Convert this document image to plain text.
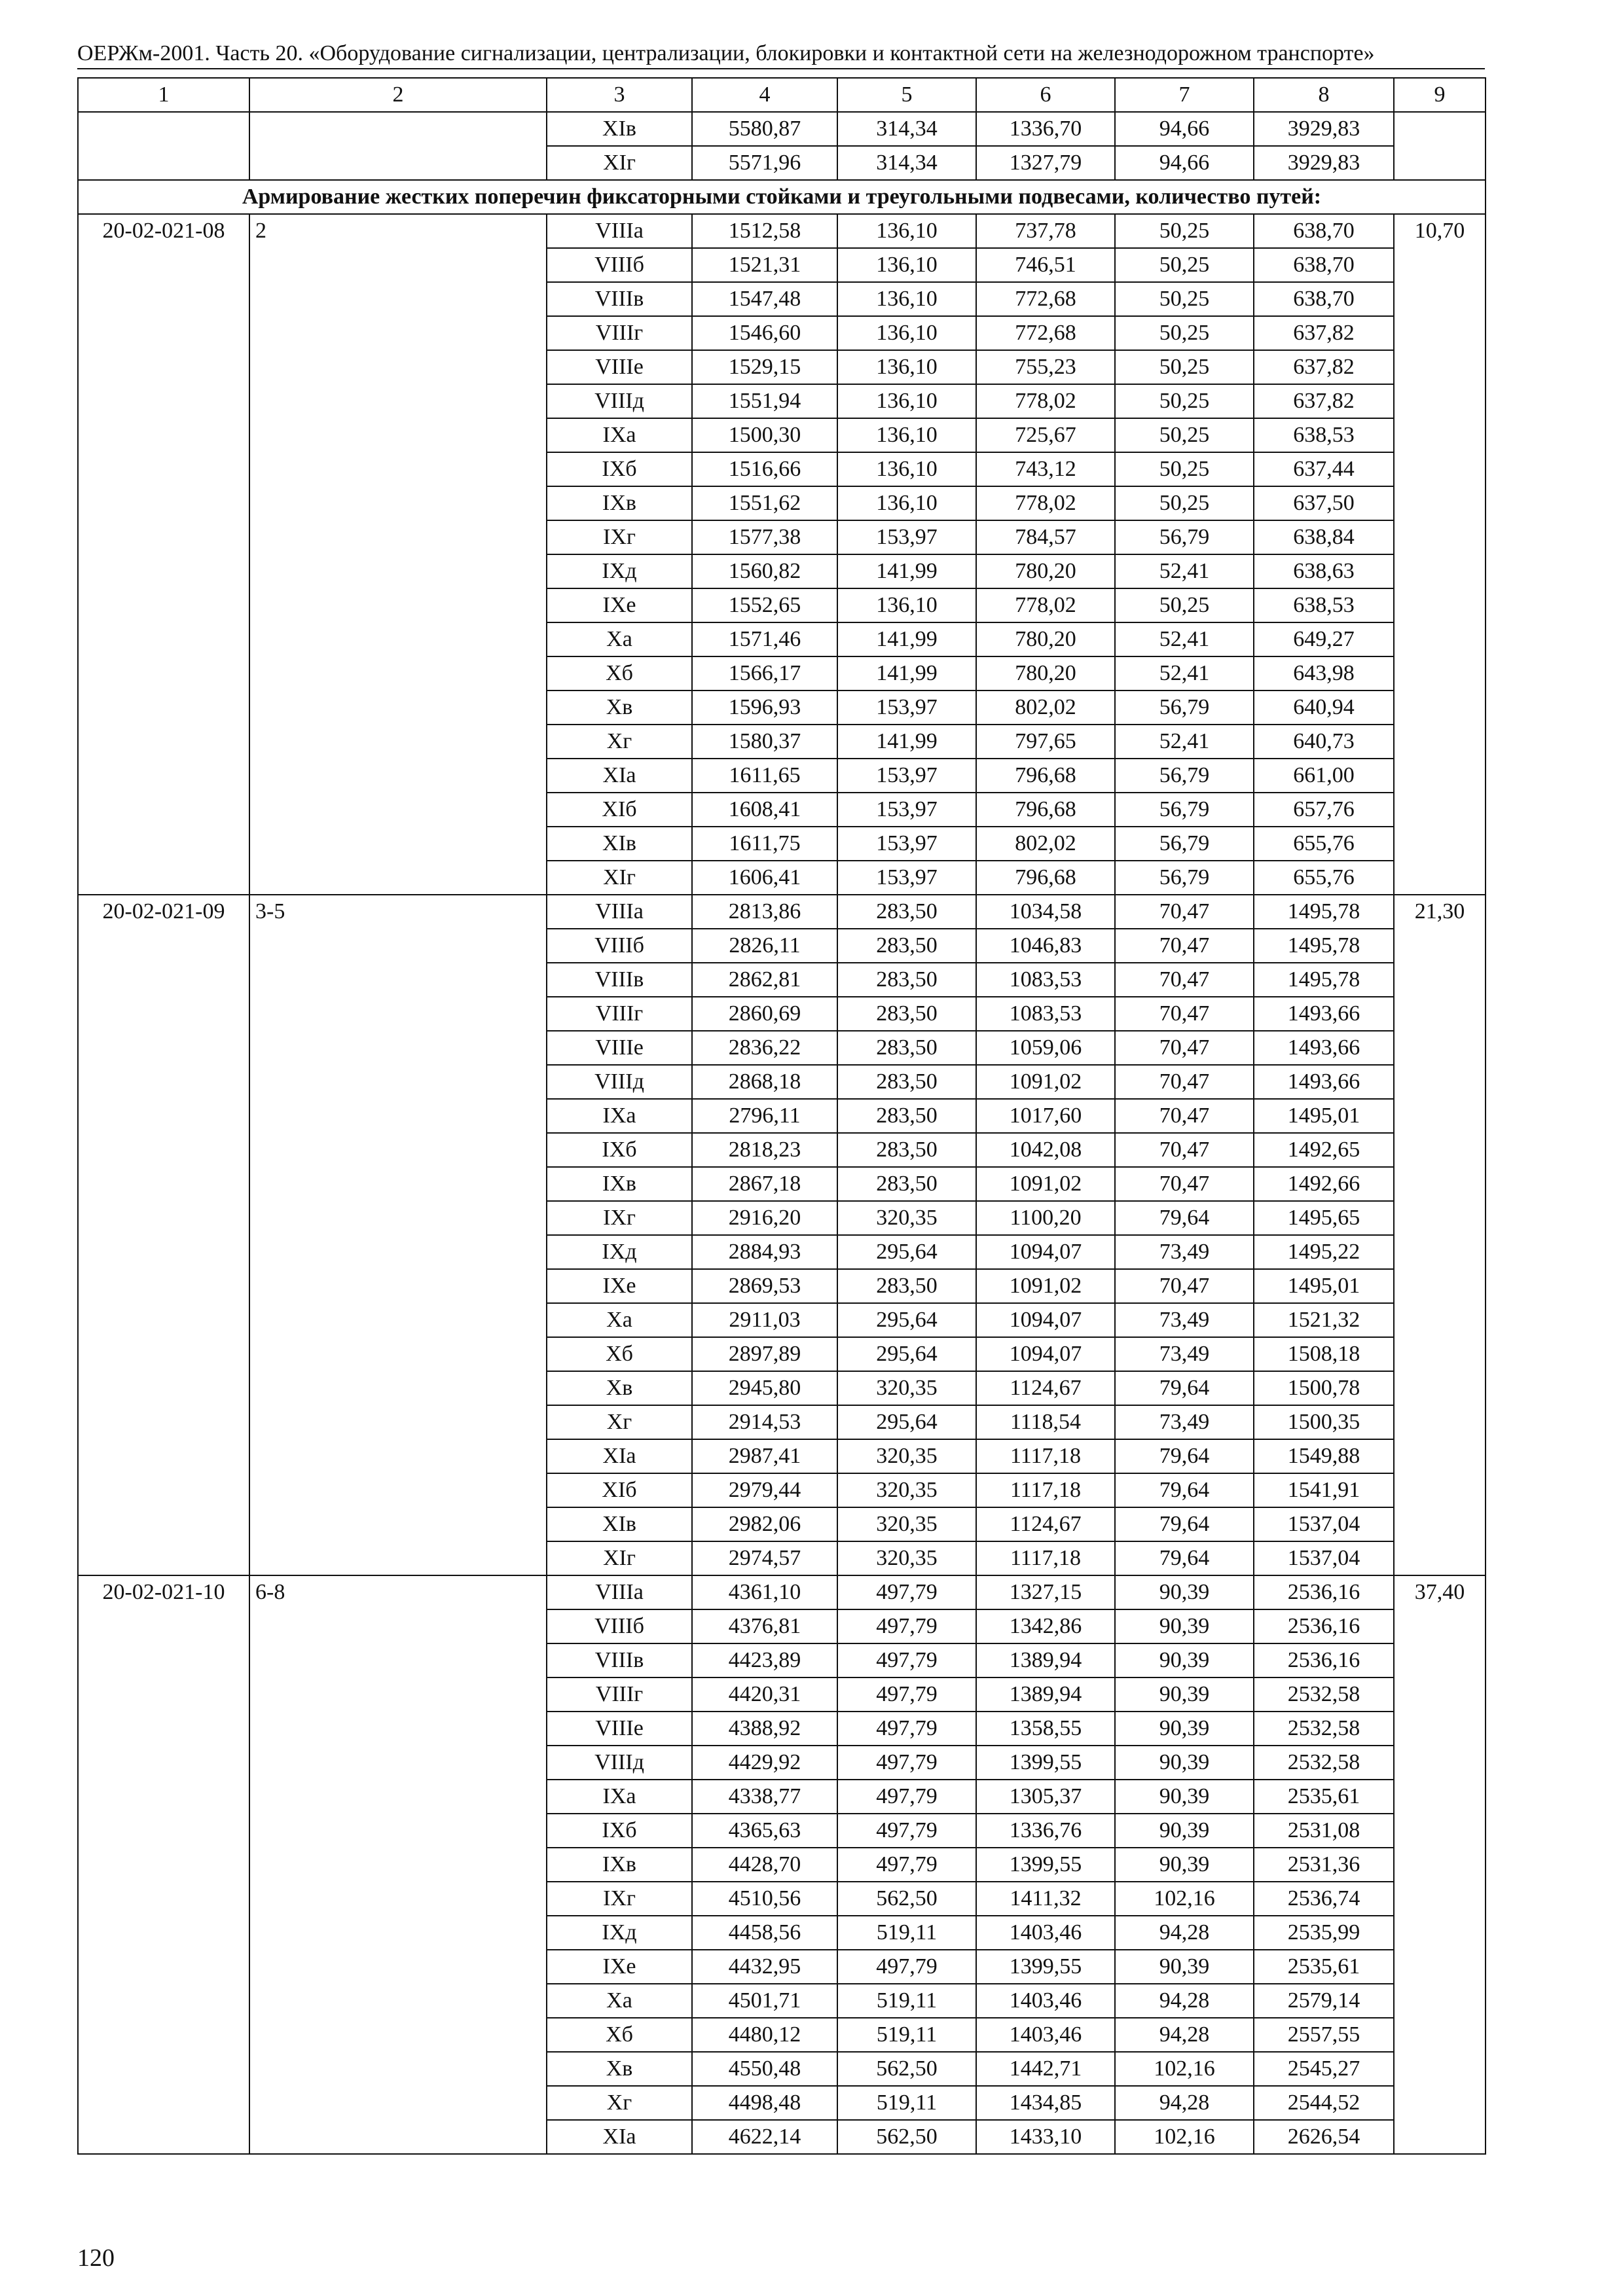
ОЕРЖм-2001. Часть 20. «Оборудование сигнализации, централизации, блокировки и контактной сети на железнодорожном транспорте»
1	2	3	4	5	6	7	8	9
		XIв	5580,87	314,34	1336,70	94,66	3929,83	
		XIг	5571,96	314,34	1327,79	94,66	3929,83	
Армирование жестких поперечин фиксаторными стойками и треугольными подвесами, количество путей:								
20-02-021-08	2	VIIIа	1512,58	136,10	737,78	50,25	638,70	10,70
		VIIIб	1521,31	136,10	746,51	50,25	638,70	
		VIIIв	1547,48	136,10	772,68	50,25	638,70	
		VIIIг	1546,60	136,10	772,68	50,25	637,82	
		VIIIе	1529,15	136,10	755,23	50,25	637,82	
		VIIIд	1551,94	136,10	778,02	50,25	637,82	
		IXа	1500,30	136,10	725,67	50,25	638,53	
		IXб	1516,66	136,10	743,12	50,25	637,44	
		IXв	1551,62	136,10	778,02	50,25	637,50	
		IXг	1577,38	153,97	784,57	56,79	638,84	
		IXд	1560,82	141,99	780,20	52,41	638,63	
		IXе	1552,65	136,10	778,02	50,25	638,53	
		Xа	1571,46	141,99	780,20	52,41	649,27	
		Xб	1566,17	141,99	780,20	52,41	643,98	
		Xв	1596,93	153,97	802,02	56,79	640,94	
		Xг	1580,37	141,99	797,65	52,41	640,73	
		XIа	1611,65	153,97	796,68	56,79	661,00	
		XIб	1608,41	153,97	796,68	56,79	657,76	
		XIв	1611,75	153,97	802,02	56,79	655,76	
		XIг	1606,41	153,97	796,68	56,79	655,76	
20-02-021-09	3-5	VIIIа	2813,86	283,50	1034,58	70,47	1495,78	21,30
		VIIIб	2826,11	283,50	1046,83	70,47	1495,78	
		VIIIв	2862,81	283,50	1083,53	70,47	1495,78	
		VIIIг	2860,69	283,50	1083,53	70,47	1493,66	
		VIIIе	2836,22	283,50	1059,06	70,47	1493,66	
		VIIIд	2868,18	283,50	1091,02	70,47	1493,66	
		IXа	2796,11	283,50	1017,60	70,47	1495,01	
		IXб	2818,23	283,50	1042,08	70,47	1492,65	
		IXв	2867,18	283,50	1091,02	70,47	1492,66	
		IXг	2916,20	320,35	1100,20	79,64	1495,65	
		IXд	2884,93	295,64	1094,07	73,49	1495,22	
		IXе	2869,53	283,50	1091,02	70,47	1495,01	
		Xа	2911,03	295,64	1094,07	73,49	1521,32	
		Xб	2897,89	295,64	1094,07	73,49	1508,18	
		Xв	2945,80	320,35	1124,67	79,64	1500,78	
		Xг	2914,53	295,64	1118,54	73,49	1500,35	
		XIа	2987,41	320,35	1117,18	79,64	1549,88	
		XIб	2979,44	320,35	1117,18	79,64	1541,91	
		XIв	2982,06	320,35	1124,67	79,64	1537,04	
		XIг	2974,57	320,35	1117,18	79,64	1537,04	
20-02-021-10	6-8	VIIIа	4361,10	497,79	1327,15	90,39	2536,16	37,40
		VIIIб	4376,81	497,79	1342,86	90,39	2536,16	
		VIIIв	4423,89	497,79	1389,94	90,39	2536,16	
		VIIIг	4420,31	497,79	1389,94	90,39	2532,58	
		VIIIе	4388,92	497,79	1358,55	90,39	2532,58	
		VIIIд	4429,92	497,79	1399,55	90,39	2532,58	
		IXа	4338,77	497,79	1305,37	90,39	2535,61	
		IXб	4365,63	497,79	1336,76	90,39	2531,08	
		IXв	4428,70	497,79	1399,55	90,39	2531,36	
		IXг	4510,56	562,50	1411,32	102,16	2536,74	
		IXд	4458,56	519,11	1403,46	94,28	2535,99	
		IXе	4432,95	497,79	1399,55	90,39	2535,61	
		Xа	4501,71	519,11	1403,46	94,28	2579,14	
		Xб	4480,12	519,11	1403,46	94,28	2557,55	
		Xв	4550,48	562,50	1442,71	102,16	2545,27	
		Xг	4498,48	519,11	1434,85	94,28	2544,52	
		XIа	4622,14	562,50	1433,10	102,16	2626,54	
120
